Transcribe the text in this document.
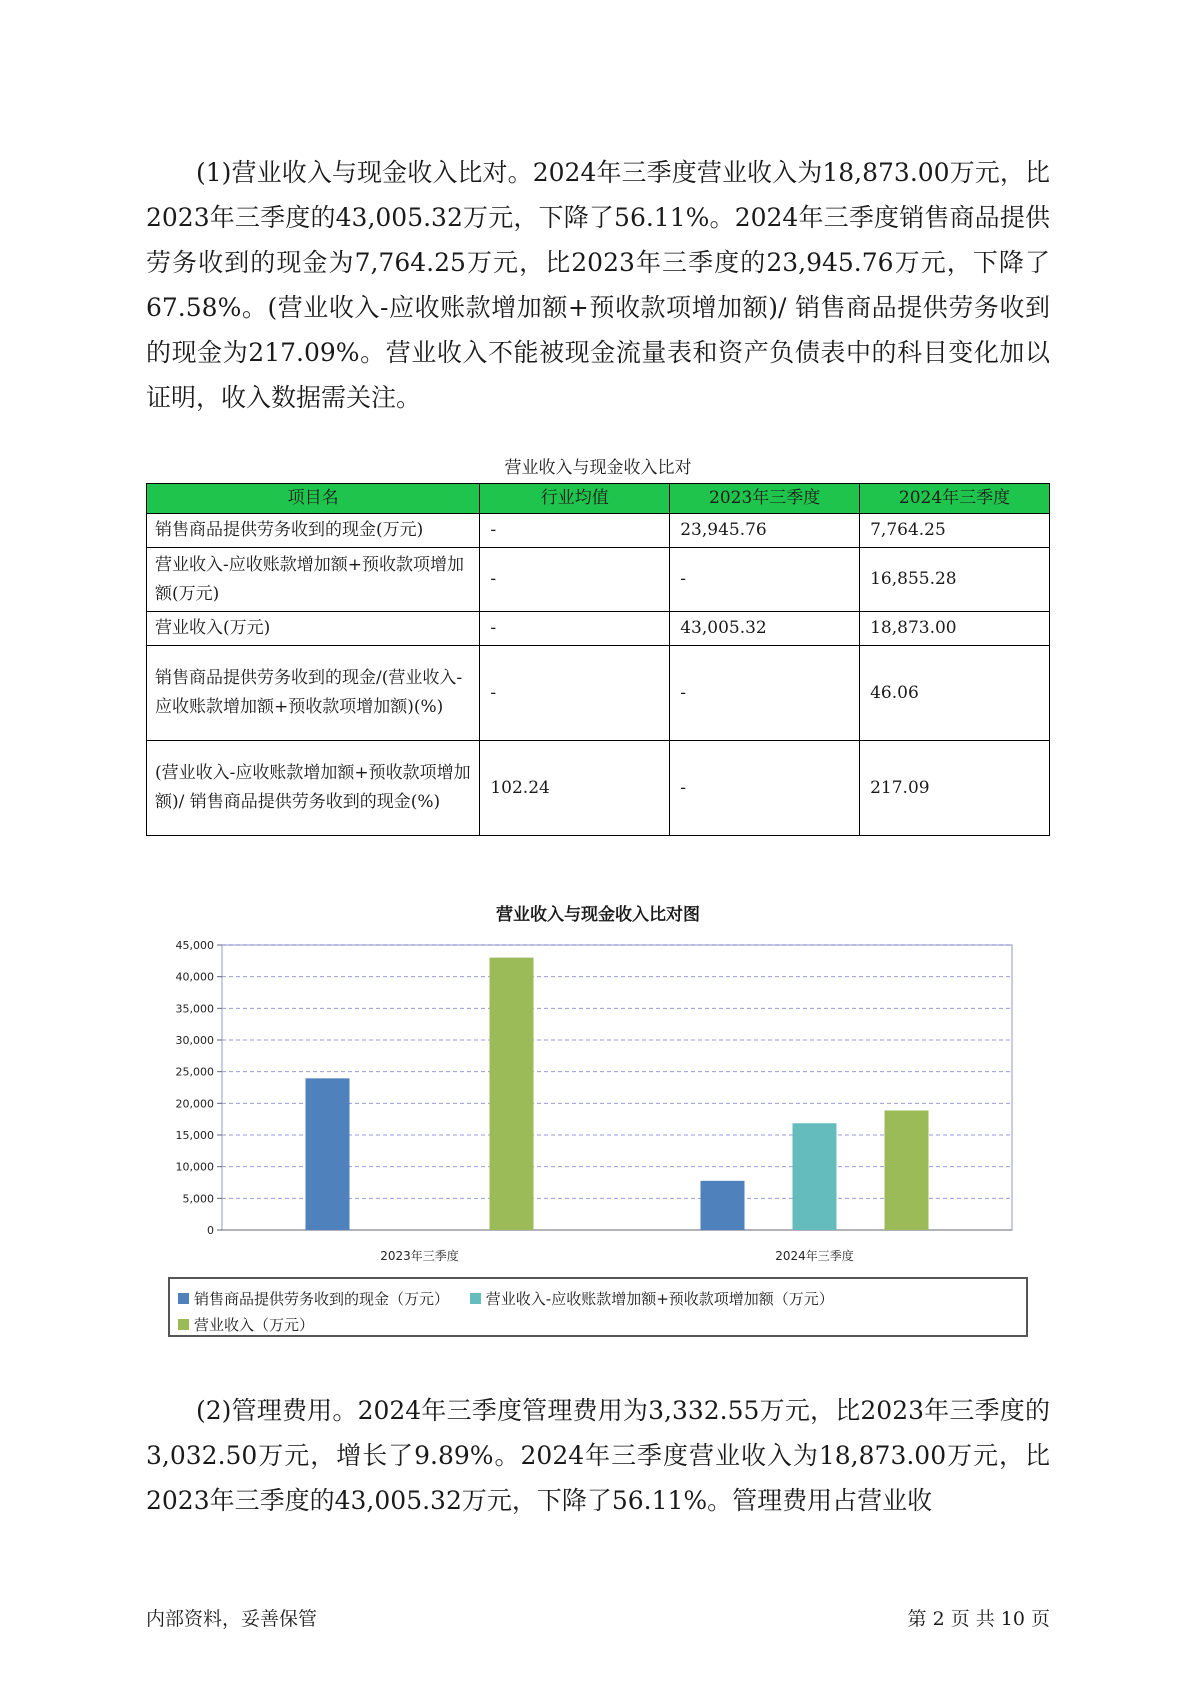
(1)营业收入与现金收入比对。2024年三季度营业收入为18,873.00万元，比2023年三季度的43,005.32万元，下降了56.11%。2024年三季度销售商品提供劳务收到的现金为7,764.25万元，比2023年三季度的23,945.76万元，下降了67.58%。(营业收入-应收账款增加额+预收款项增加额)/ 销售商品提供劳务收到的现金为217.09%。营业收入不能被现金流量表和资产负债表中的科目变化加以证明，收入数据需关注。

营业收入与现金收入比对
项目名	行业均值	2023年三季度	2024年三季度
销售商品提供劳务收到的现金(万元)	-	23,945.76	7,764.25
营业收入-应收账款增加额+预收款项增加额(万元)	-	-	16,855.28
营业收入(万元)	-	43,005.32	18,873.00
销售商品提供劳务收到的现金/(营业收入-应收账款增加额+预收款项增加额)(%)	-	-	46.06
(营业收入-应收账款增加额+预收款项增加额)/ 销售商品提供劳务收到的现金(%)	102.24	-	217.09
营业收入与现金收入比对图
0
5,000
10,000
15,000
20,000
25,000
30,000
35,000
40,000
45,000
2023年三季度	2024年三季度
销售商品提供劳务收到的现金（万元）
营业收入-应收账款增加额+预收款项增加额（万元）

营业收入（万元）

(2)管理费用。2024年三季度管理费用为3,332.55万元，比2023年三季度的3,032.50万元，增长了9.89%。2024年三季度营业收入为18,873.00万元，比2023年三季度的43,005.32万元，下降了56.11%。管理费用占营业收

内部资料，妥善保管	第 2 页 共 10 页
